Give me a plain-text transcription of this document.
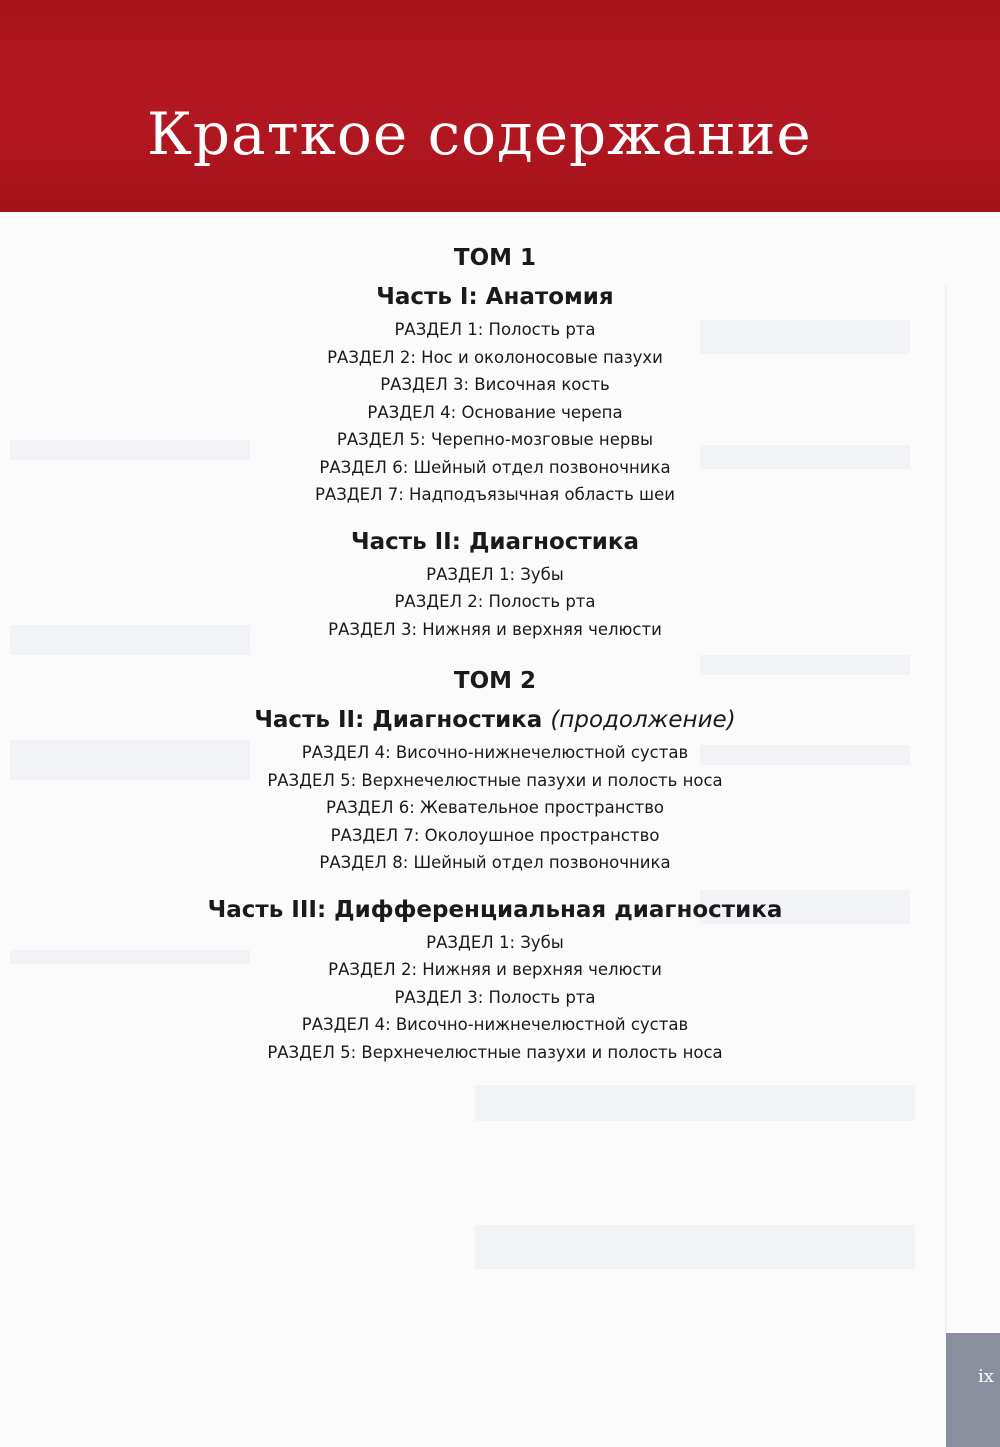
Краткое содержание
ТОМ 1
Часть I: Анатомия
РАЗДЕЛ 1: Полость рта
РАЗДЕЛ 2: Нос и околоносовые пазухи
РАЗДЕЛ 3: Височная кость
РАЗДЕЛ 4: Основание черепа
РАЗДЕЛ 5: Черепно-мозговые нервы
РАЗДЕЛ 6: Шейный отдел позвоночника
РАЗДЕЛ 7: Надподъязычная область шеи
Часть II: Диагностика
РАЗДЕЛ 1: Зубы
РАЗДЕЛ 2: Полость рта
РАЗДЕЛ 3: Нижняя и верхняя челюсти
ТОМ 2
Часть II: Диагностика (продолжение)
РАЗДЕЛ 4: Височно-нижнечелюстной сустав
РАЗДЕЛ 5: Верхнечелюстные пазухи и полость носа
РАЗДЕЛ 6: Жевательное пространство
РАЗДЕЛ 7: Околоушное пространство
РАЗДЕЛ 8: Шейный отдел позвоночника
Часть III: Дифференциальная диагностика
РАЗДЕЛ 1: Зубы
РАЗДЕЛ 2: Нижняя и верхняя челюсти
РАЗДЕЛ 3: Полость рта
РАЗДЕЛ 4: Височно-нижнечелюстной сустав
РАЗДЕЛ 5: Верхнечелюстные пазухи и полость носа
ix
